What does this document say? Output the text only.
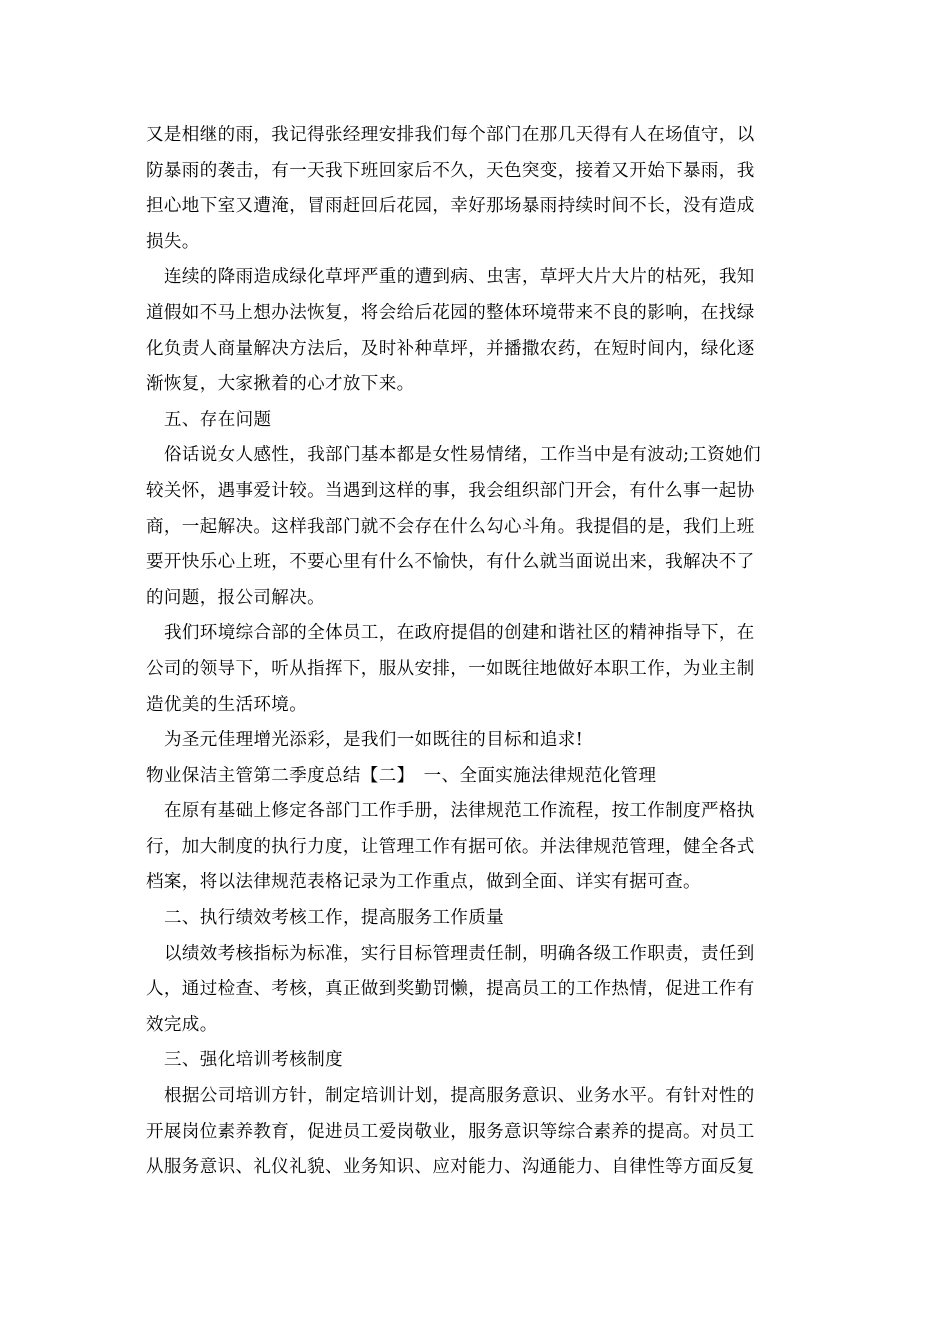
又是相继的雨，我记得张经理安排我们每个部门在那几天得有人在场值守，以
防暴雨的袭击，有一天我下班回家后不久，天色突变，接着又开始下暴雨，我
担心地下室又遭淹，冒雨赶回后花园，幸好那场暴雨持续时间不长，没有造成
损失。
连续的降雨造成绿化草坪严重的遭到病、虫害，草坪大片大片的枯死，我知
道假如不马上想办法恢复，将会给后花园的整体环境带来不良的影响，在找绿
化负责人商量解决方法后，及时补种草坪，并播撒农药，在短时间内，绿化逐
渐恢复，大家揪着的心才放下来。
五、存在问题
俗话说女人感性，我部门基本都是女性易情绪，工作当中是有波动;工资她们
较关怀，遇事爱计较。当遇到这样的事，我会组织部门开会，有什么事一起协
商，一起解决。这样我部门就不会存在什么勾心斗角。我提倡的是，我们上班
要开快乐心上班，不要心里有什么不愉快，有什么就当面说出来，我解决不了
的问题，报公司解决。
我们环境综合部的全体员工，在政府提倡的创建和谐社区的精神指导下，在
公司的领导下，听从指挥下，服从安排，一如既往地做好本职工作，为业主制
造优美的生活环境。
为圣元佳理增光添彩，是我们一如既往的目标和追求!
物业保洁主管第二季度总结【二】　一、全面实施法律规范化管理
在原有基础上修定各部门工作手册，法律规范工作流程，按工作制度严格执
行，加大制度的执行力度，让管理工作有据可依。并法律规范管理，健全各式
档案，将以法律规范表格记录为工作重点，做到全面、详实有据可查。
二、执行绩效考核工作，提高服务工作质量
以绩效考核指标为标准，实行目标管理责任制，明确各级工作职责，责任到
人，通过检查、考核，真正做到奖勤罚懒，提高员工的工作热情，促进工作有
效完成。
三、强化培训考核制度
根据公司培训方针，制定培训计划，提高服务意识、业务水平。有针对性的
开展岗位素养教育，促进员工爱岗敬业，服务意识等综合素养的提高。对员工
从服务意识、礼仪礼貌、业务知识、应对能力、沟通能力、自律性等方面反复
